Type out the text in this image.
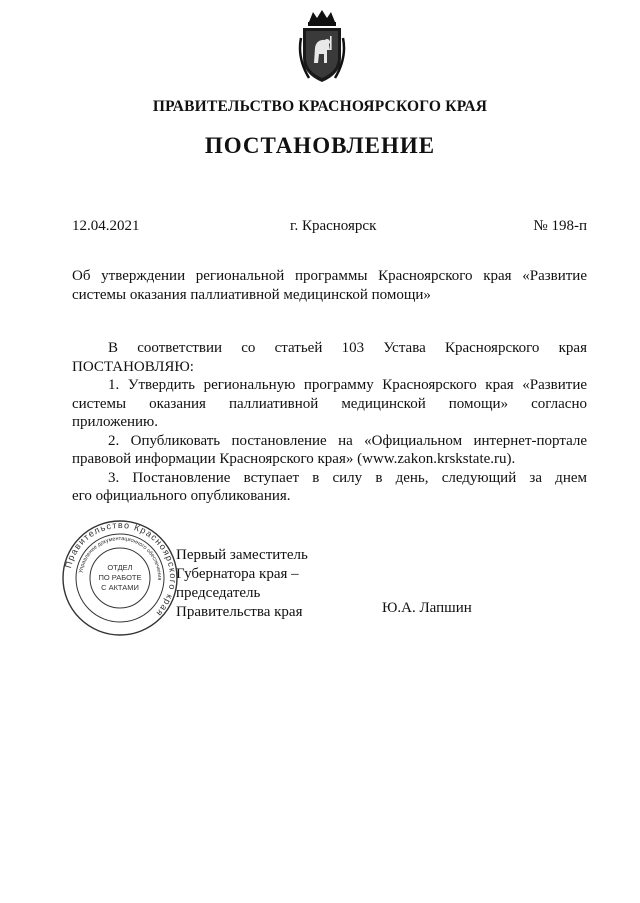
ПРАВИТЕЛЬСТВО КРАСНОЯРСКОГО КРАЯ
ПОСТАНОВЛЕНИЕ
12.04.2021	г. Красноярск	№ 198-п
Об утверждении региональной программы Красноярского края «Развитие системы оказания паллиативной медицинской помощи»

В соответствии со статьей 103 Устава Красноярского края

ПОСТАНОВЛЯЮ:

1. Утвердить региональную программу Красноярского края «Развитие

системы оказания паллиативной медицинской помощи» согласно

приложению.

2. Опубликовать постановление на «Официальном интернет-портале

правовой информации Красноярского края» (www.zakon.krskstate.ru).

3. Постановление вступает в силу в день, следующий за днем

его официального опубликования.

Правительство Красноярского края
Управление документационного обеспечения
ОТДЕЛ
ПО РАБОТЕ
С АКТАМИ
Первый заместитель
Губернатора края –
председатель
Правительства края	Ю.А. Лапшин
